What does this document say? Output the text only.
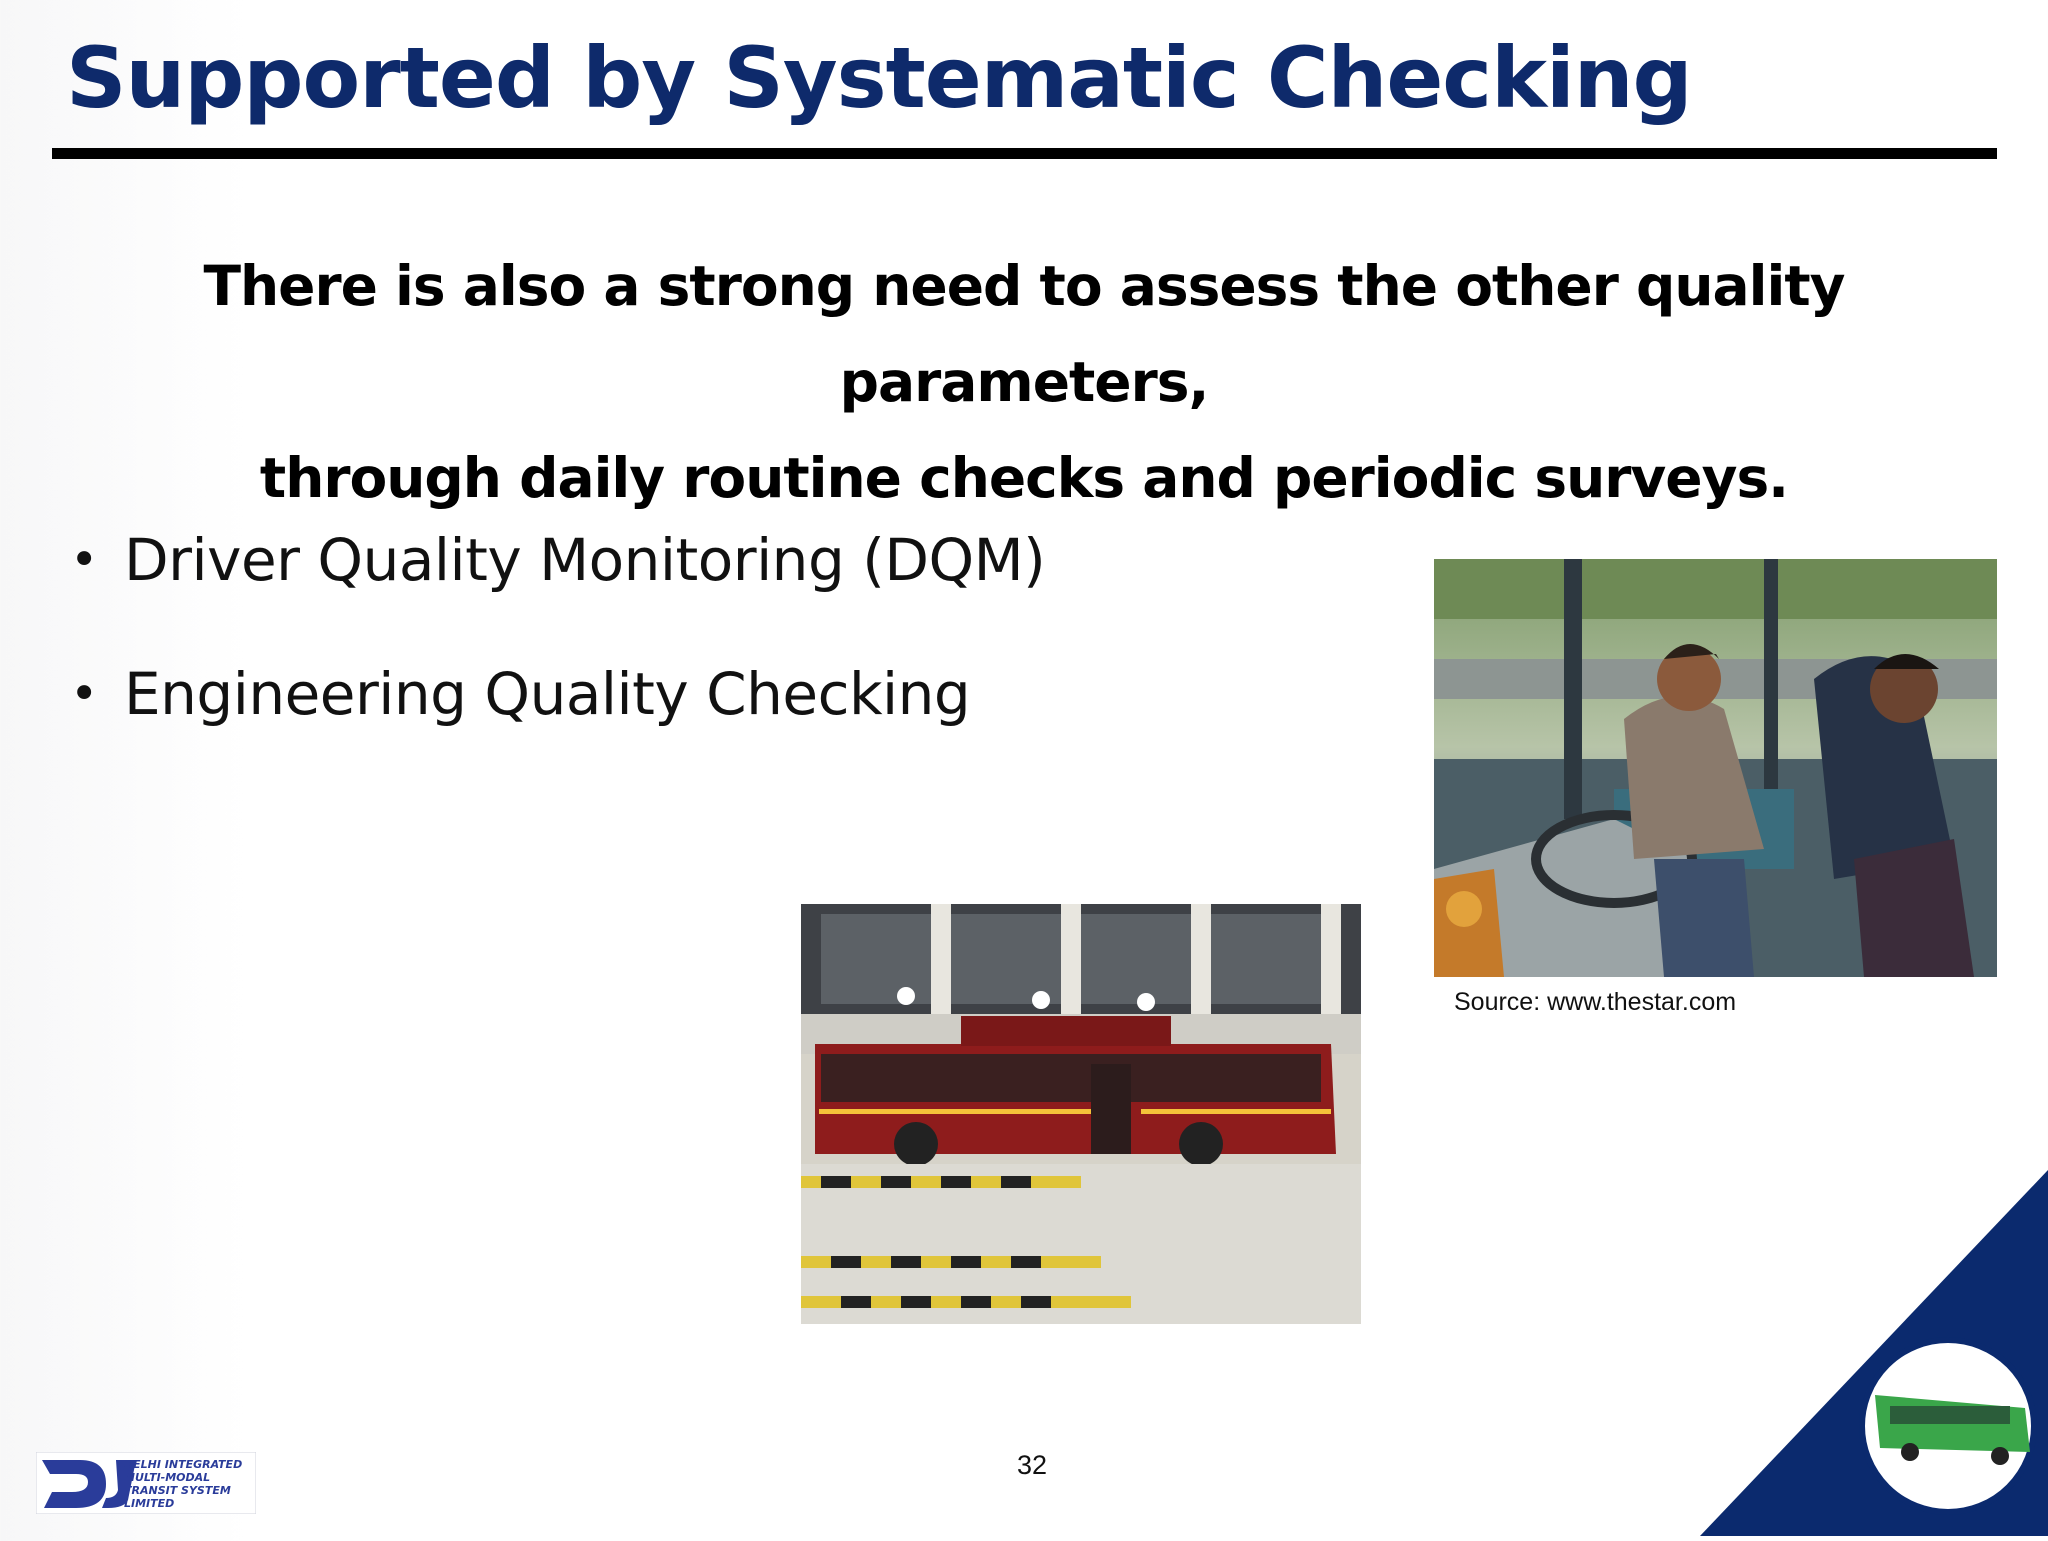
Supported by Systematic Checking

There is also a strong need to assess the other quality parameters,
through daily routine checks and periodic surveys.

• Driver Quality Monitoring (DQM)
• Engineering Quality Checking
Source: www.thestar.com
32
DELHI INTEGRATED
MULTI-MODAL
TRANSIT SYSTEM
LIMITED
